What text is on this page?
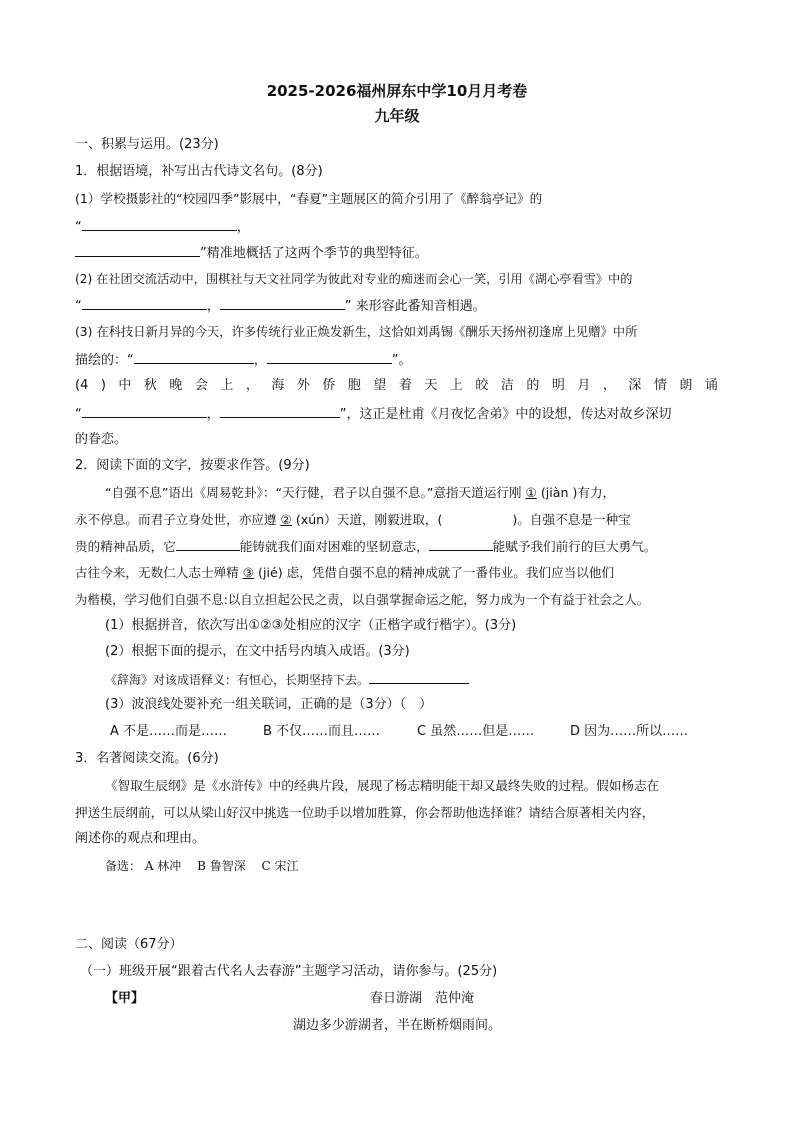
2025-2026福州屏东中学10月月考卷
九年级
一、积累与运用。(23分)
1．根据语境，补写出古代诗文名句。(8分)
(1）学校摄影社的“校园四季”影展中，“春夏”主题展区的简介引用了《醉翁亭记》的
“	，
”精准地概括了这两个季节的典型特征。
(2) 在社团交流活动中，围棋社与天文社同学为彼此对专业的痴迷而会心一笑，引用《湖心亭看雪》中的
“	，	” 来形容此番知音相遇。
(3) 在科技日新月异的今天，许多传统行业正焕发新生，这恰如刘禹锡《酬乐天扬州初逢席上见赠》中所
描绘的：“	，	”。
(4 ) 中 秋 晚 会 上 ， 海 外 侨 胞 望 着 天 上 皎 洁 的 明 月 ， 深 情 朗 诵
“	，	”，这正是杜甫《月夜忆舍弟》中的设想，传达对故乡深切
的眷恋。
2．阅读下面的文字，按要求作答。(9分)
“自强不息”语出《周易乾卦》：“天行健，君子以自强不息。”意指天道运行刚 ① (jiàn )有力，
永不停息。而君子立身处世，亦应遵 ② (xún）天道，刚毅进取，(	)。自强不息是一种宝
贵的精神品质，它	能铸就我们面对困难的坚韧意志，	能赋予我们前行的巨大勇气。
古往今来，无数仁人志士殚精 ③ (jié) 虑，凭借自强不息的精神成就了一番伟业。我们应当以他们
为楷模，学习他们自强不息:以自立担起公民之责，以自强掌握命运之舵，努力成为一个有益于社会之人。
(1）根据拼音，依次写出①②③处相应的汉字（正楷字或行楷字）。(3分)
(2）根据下面的提示，在文中括号内填入成语。(3分)
《辞海》对该成语释义：有恒心，长期坚持下去。
(3）波浪线处要补充一组关联词，正确的是（3分）（　）
A 不是……而是……	B 不仅……而且……	C 虽然……但是……	D 因为……所以……
3．名著阅读交流。(6分)
《智取生辰纲》是《水浒传》中的经典片段，展现了杨志精明能干却又最终失败的过程。假如杨志在
押送生辰纲前，可以从梁山好汉中挑选一位助手以增加胜算，你会帮助他选择谁？请结合原著相关内容，
阐述你的观点和理由。
备选： A 林冲　 B 鲁智深　 C 宋江
二、阅读（67分）
（一）班级开展“跟着古代名人去春游”主题学习活动，请你参与。(25分)
【甲】	春日游湖　范仲淹
湖边多少游湖者，半在断桥烟雨间。
